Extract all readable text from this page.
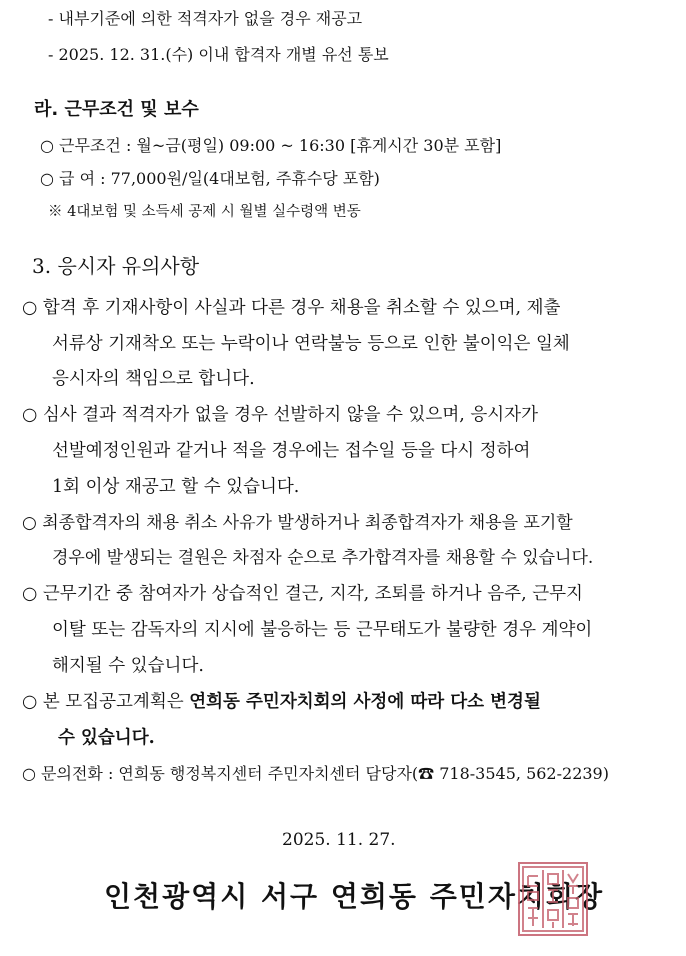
- 내부기준에 의한 적격자가 없을 경우 재공고
- 2025. 12. 31.(수) 이내 합격자 개별 유선 통보
라. 근무조건 및 보수
○ 근무조건 : 월~금(평일) 09:00 ~ 16:30 [휴게시간 30분 포함]
○ 급 여 : 77,000원/일(4대보험, 주휴수당 포함)
※ 4대보험 및 소득세 공제 시 월별 실수령액 변동
3. 응시자 유의사항
○ 합격 후 기재사항이 사실과 다른 경우 채용을 취소할 수 있으며, 제출
서류상 기재착오 또는 누락이나 연락불능 등으로 인한 불이익은 일체
응시자의 책임으로 합니다.
○ 심사 결과 적격자가 없을 경우 선발하지 않을 수 있으며, 응시자가
선발예정인원과 같거나 적을 경우에는 접수일 등을 다시 정하여
1회 이상 재공고 할 수 있습니다.
○ 최종합격자의 채용 취소 사유가 발생하거나 최종합격자가 채용을 포기할
경우에 발생되는 결원은 차점자 순으로 추가합격자를 채용할 수 있습니다.
○ 근무기간 중 참여자가 상습적인 결근, 지각, 조퇴를 하거나 음주, 근무지
이탈 또는 감독자의 지시에 불응하는 등 근무태도가 불량한 경우 계약이
해지될 수 있습니다.
○ 본 모집공고계획은 연희동 주민자치회의 사정에 따라 다소 변경될
수 있습니다.
○ 문의전화 : 연희동 행정복지센터 주민자치센터 담당자(☎ 718-3545, 562-2239)
2025. 11. 27.
인천광역시 서구 연희동 주민자치회장
